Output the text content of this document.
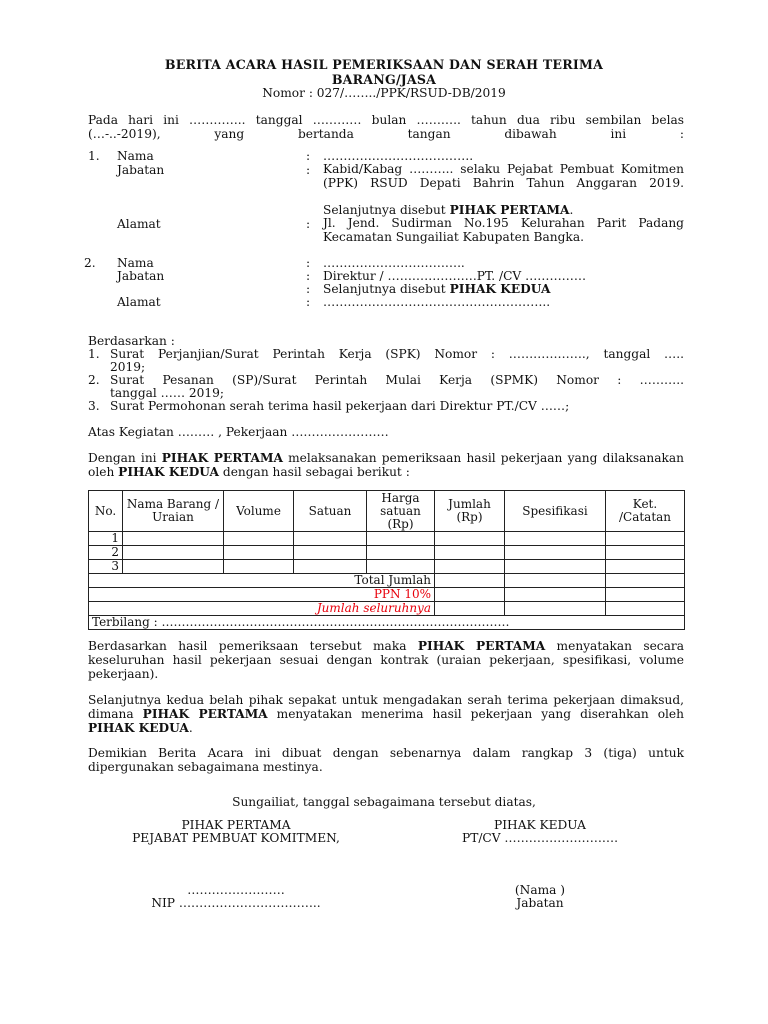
BERITA ACARA HASIL PEMERIKSAAN DAN SERAH TERIMA
BARANG/JASA
Nomor : 027/……../PPK/RSUD-DB/2019
Pada hari ini ………….. tanggal ………… bulan ……….. tahun dua ribu sembilan belas (…-..-2019), yang bertanda tangan dibawah ini :
1. Nama	: ……………………………….
Jabatan	: Kabid/Kabag ……….. selaku Pejabat Pembuat Komitmen (PPK) RSUD Depati Bahrin Tahun Anggaran 2019.
Selanjutnya disebut PIHAK PERTAMA.
Alamat	: Jl. Jend. Sudirman No.195 Kelurahan Parit Padang Kecamatan Sungailiat Kabupaten Bangka.
2. Nama	: ……………………………..
Jabatan	: Direktur / ………………….PT. /CV ……………
: Selanjutnya disebut PIHAK KEDUA
Alamat	: ………………………………………………..
Berdasarkan :
1. Surat Perjanjian/Surat Perintah Kerja (SPK) Nomor : ………………., tanggal …..
2019;
2. Surat Pesanan (SP)/Surat Perintah Mulai Kerja (SPMK) Nomor : ………..
tanggal …… 2019;
3. Surat Permohonan serah terima hasil pekerjaan dari Direktur PT./CV ……;
Atas Kegiatan ……… , Pekerjaan ……………………
Dengan ini PIHAK PERTAMA melaksanakan pemeriksaan hasil pekerjaan yang dilaksanakan oleh PIHAK KEDUA dengan hasil sebagai berikut :
No.	Nama Barang / Uraian	Volume	Satuan	Harga satuan (Rp)	Jumlah (Rp)	Spesifikasi	Ket. /Catatan
1							
2							
3							
Total Jumlah							
PPN 10%							
Jumlah seluruhnya							
Terbilang : ……………………………………………………………………………							
Berdasarkan hasil pemeriksaan tersebut maka PIHAK PERTAMA menyatakan secara keseluruhan hasil pekerjaan sesuai dengan kontrak (uraian pekerjaan, spesifikasi, volume pekerjaan).
Selanjutnya kedua belah pihak sepakat untuk mengadakan serah terima pekerjaan dimaksud, dimana PIHAK PERTAMA menyatakan menerima hasil pekerjaan yang diserahkan oleh PIHAK KEDUA.
Demikian Berita Acara ini dibuat dengan sebenarnya dalam rangkap 3 (tiga) untuk dipergunakan sebagaimana mestinya.
Sungailiat, tanggal sebagaimana tersebut diatas,
PIHAK PERTAMA
PEJABAT PEMBUAT KOMITMEN,
PIHAK KEDUA
PT/CV ……………………….
……………………
NIP ……………………………..
(Nama )
Jabatan
